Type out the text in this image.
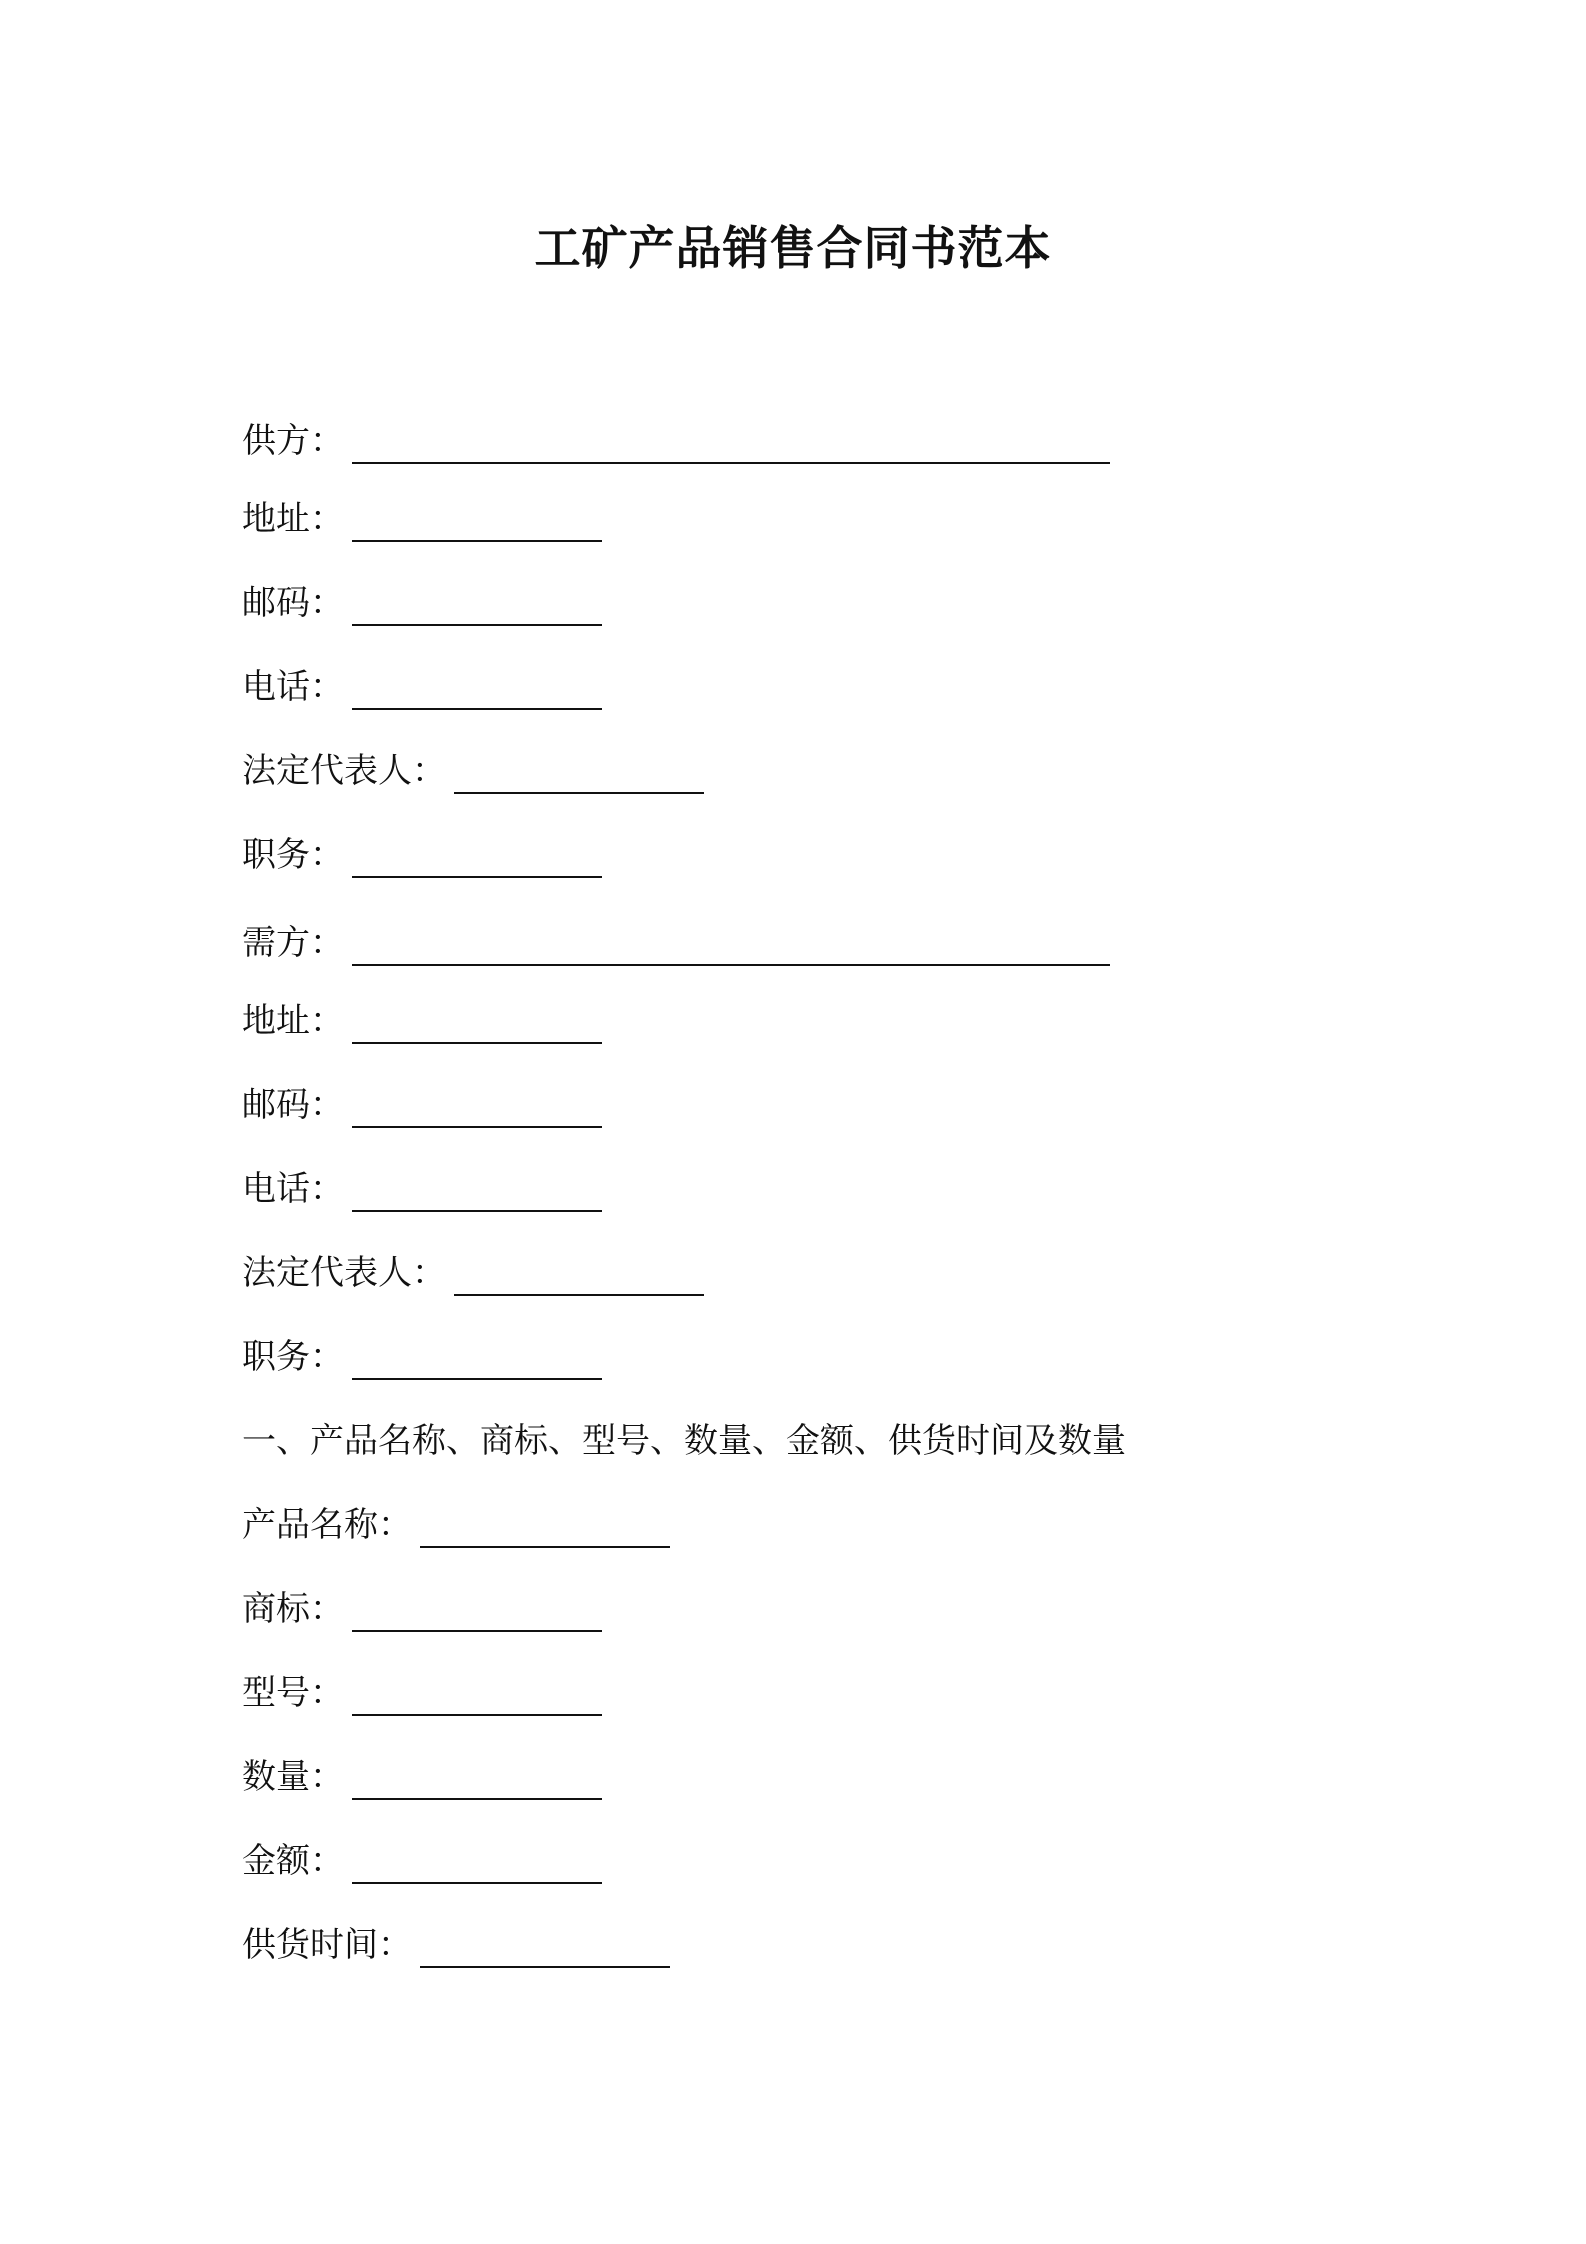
工矿产品销售合同书范本
供方：
地址：
邮码：
电话：
法定代表人：
职务：
需方：
地址：
邮码：
电话：
法定代表人：
职务：
一、产品名称、商标、型号、数量、金额、供货时间及数量
产品名称：
商标：
型号：
数量：
金额：
供货时间：
